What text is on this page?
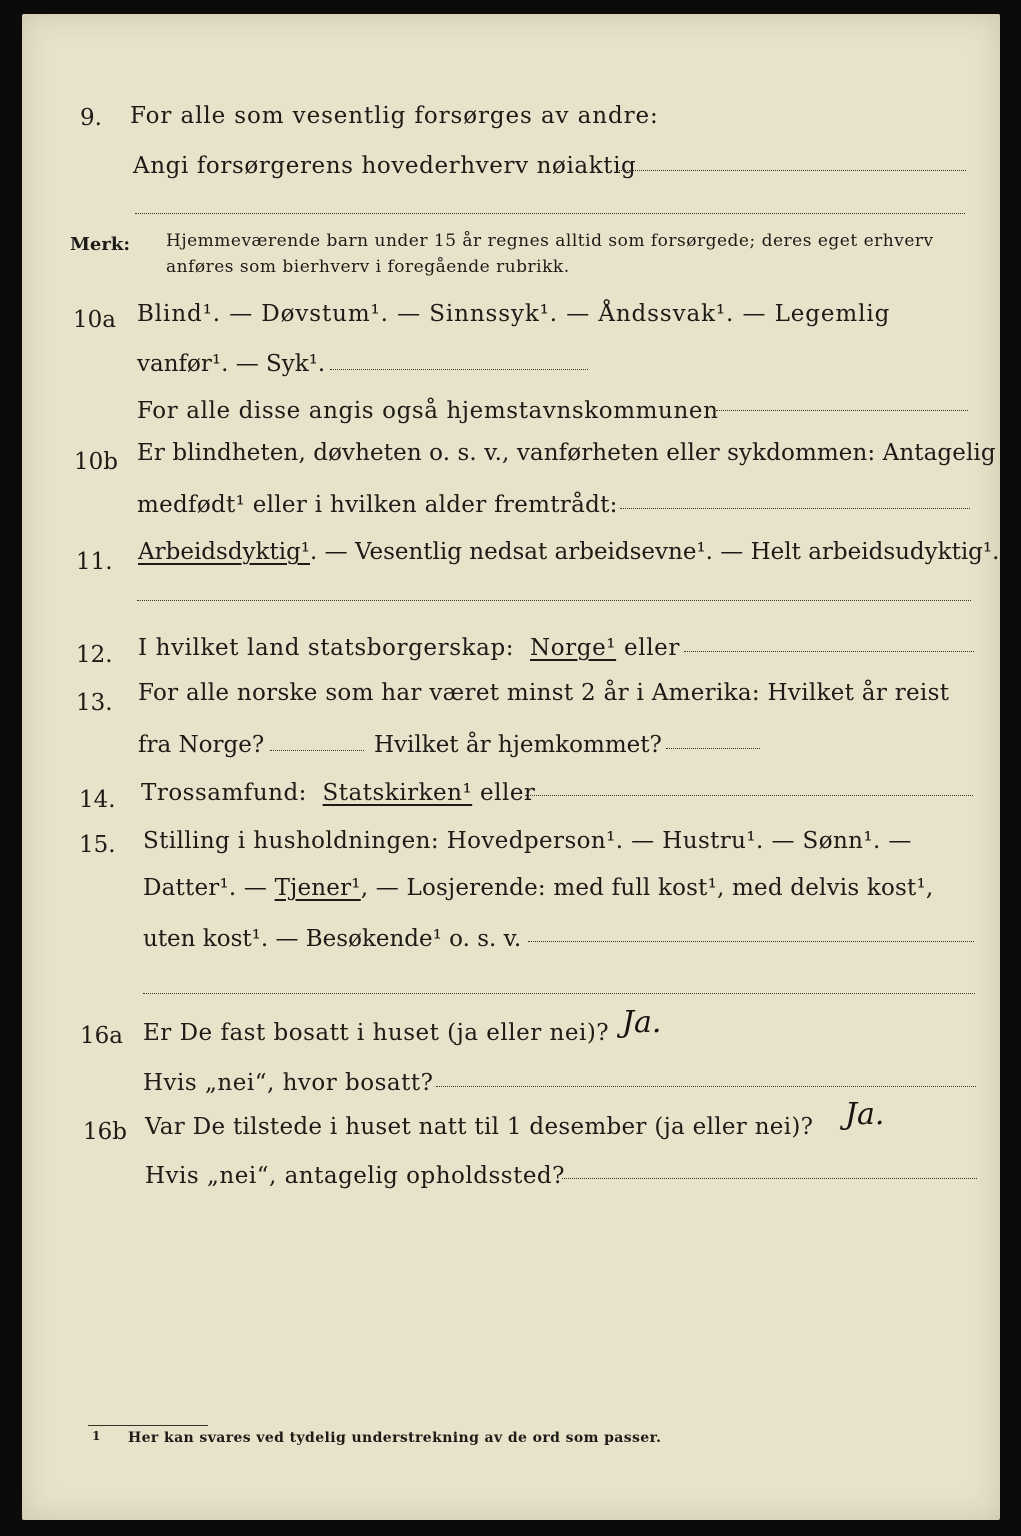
9. For alle som vesentlig forsørges av andre:
Angi forsørgerens hovederhverv nøiaktig
Merk: Hjemmeværende barn under 15 år regnes alltid som forsørgede; deres eget erhverv
anføres som bierhverv i foregående rubrikk.
10a Blind¹. — Døvstum¹. — Sinnssyk¹. — Åndssvak¹. — Legemlig
vanfør¹. — Syk¹.
For alle disse angis også hjemstavnskommunen
10b Er blindheten, døvheten o. s. v., vanførheten eller sykdommen: Antagelig
medfødt¹ eller i hvilken alder fremtrådt:
11. Arbeidsdyktig¹ . — Vesentlig nedsat arbeidsevne¹. — Helt arbeidsudyktig¹.
12. I hvilket land statsborgerskap:
Norge¹
eller
13. For alle norske som har været minst 2 år i Amerika: Hvilket år reist
fra Norge?	Hvilket år hjemkommet?
14. Trossamfund:
Statskirken¹
eller
15. Stilling i husholdningen: Hovedperson¹. — Hustru¹. — Sønn¹. —
Datter¹. —
Tjener¹ , — Losjerende: med full kost¹, med delvis kost¹,
uten kost¹. — Besøkende¹ o. s. v.
16a Er De fast bosatt i huset (ja eller nei)? Ja.
Hvis „nei“, hvor bosatt?
16b Var De tilstede i huset natt til 1 desember (ja eller nei)? Ja.
Hvis „nei“, antagelig opholdssted?
1 Her kan svares ved tydelig understrekning av de ord som passer.
